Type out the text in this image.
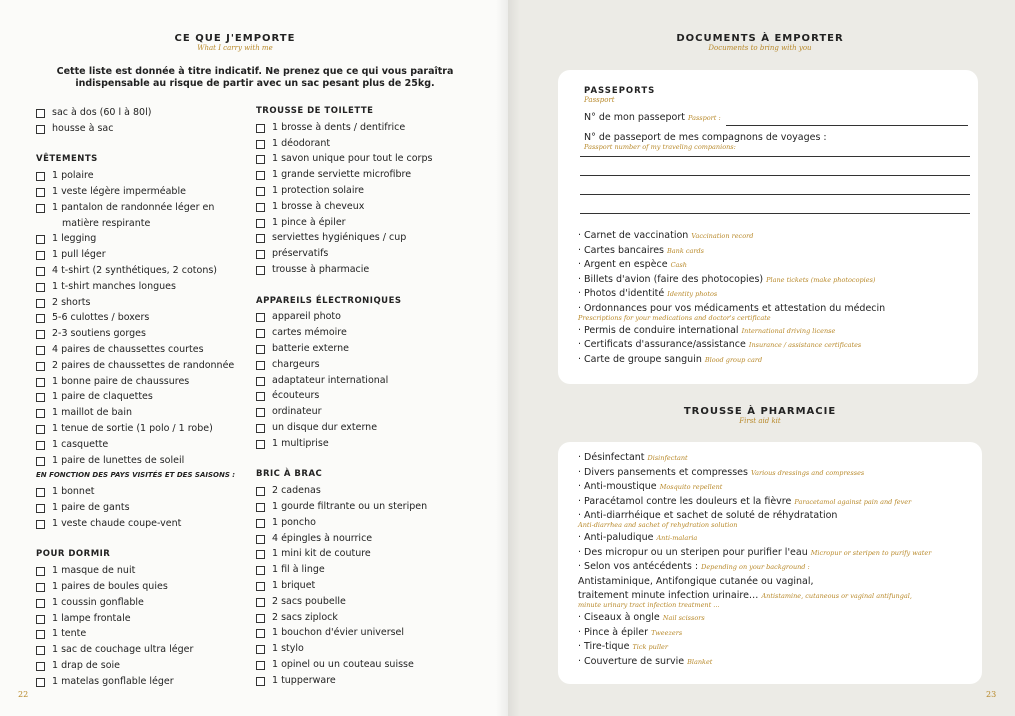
CE QUE J'EMPORTE
What I carry with me
Cette liste est donnée à titre indicatif. Ne prenez que ce qui vous paraîtra
indispensable au risque de partir avec un sac pesant plus de 25kg.
sac à dos (60 l à 80l)
housse à sac
VÊTEMENTS
1 polaire
1 veste légère imperméable
1 pantalon de randonnée léger en
matière respirante
1 legging
1 pull léger
4 t-shirt (2 synthétiques, 2 cotons)
1 t-shirt manches longues
2 shorts
5-6 culottes / boxers
2-3 soutiens gorges
4 paires de chaussettes courtes
2 paires de chaussettes de randonnée
1 bonne paire de chaussures
1 paire de claquettes
1 maillot de bain
1 tenue de sortie (1 polo / 1 robe)
1 casquette
1 paire de lunettes de soleil
EN FONCTION DES PAYS VISITÉS ET DES SAISONS :
1 bonnet
1 paire de gants
1 veste chaude coupe-vent
POUR DORMIR
1 masque de nuit
1 paires de boules quies
1 coussin gonflable
1 lampe frontale
1 tente
1 sac de couchage ultra léger
1 drap de soie
1 matelas gonflable léger
TROUSSE DE TOILETTE
1 brosse à dents / dentifrice
1 déodorant
1 savon unique pour tout le corps
1 grande serviette microfibre
1 protection solaire
1 brosse à cheveux
1 pince à épiler
serviettes hygiéniques / cup
préservatifs
trousse à pharmacie
APPAREILS ÉLECTRONIQUES
appareil photo
cartes mémoire
batterie externe
chargeurs
adaptateur international
écouteurs
ordinateur
un disque dur externe
1 multiprise
BRIC À BRAC
2 cadenas
1 gourde filtrante ou un steripen
1 poncho
4 épingles à nourrice
1 mini kit de couture
1 fil à linge
1 briquet
2 sacs poubelle
2 sacs ziplock
1 bouchon d'évier universel
1 stylo
1 opinel ou un couteau suisse
1 tupperware
22
DOCUMENTS À EMPORTER
Documents to bring with you
PASSEPORTS
Passport
N° de mon passeport Passport :
N° de passeport de mes compagnons de voyages :
Passport number of my traveling companions:
· Carnet de vaccination Vaccination record
· Cartes bancaires Bank cards
· Argent en espèce Cash
· Billets d'avion (faire des photocopies) Plane tickets (make photocopies)
· Photos d'identité Identity photos
· Ordonnances pour vos médicaments et attestation du médecin
Prescriptions for your medications and doctor's certificate
· Permis de conduire international International driving license
· Certificats d'assurance/assistance Insurance / assistance certificates
· Carte de groupe sanguin Blood group card
TROUSSE À PHARMACIE
First aid kit
· Désinfectant Disinfectant
· Divers pansements et compresses Various dressings and compresses
· Anti-moustique Mosquito repellent
· Paracétamol contre les douleurs et la fièvre Paracetamol against pain and fever
· Anti-diarrhéique et sachet de soluté de réhydratation
Anti-diarrhea and sachet of rehydration solution
· Anti-paludique Anti-malaria
· Des micropur ou un steripen pour purifier l'eau Micropur or steripen to purify water
· Selon vos antécédents : Depending on your background :
Antistaminique, Antifongique cutanée ou vaginal,
traitement minute infection urinaire… Antistamine, cutaneous or vaginal antifungal,
minute urinary tract infection treatment ...
· Ciseaux à ongle Nail scissors
· Pince à épiler Tweezers
· Tire-tique Tick puller
· Couverture de survie Blanket
23
